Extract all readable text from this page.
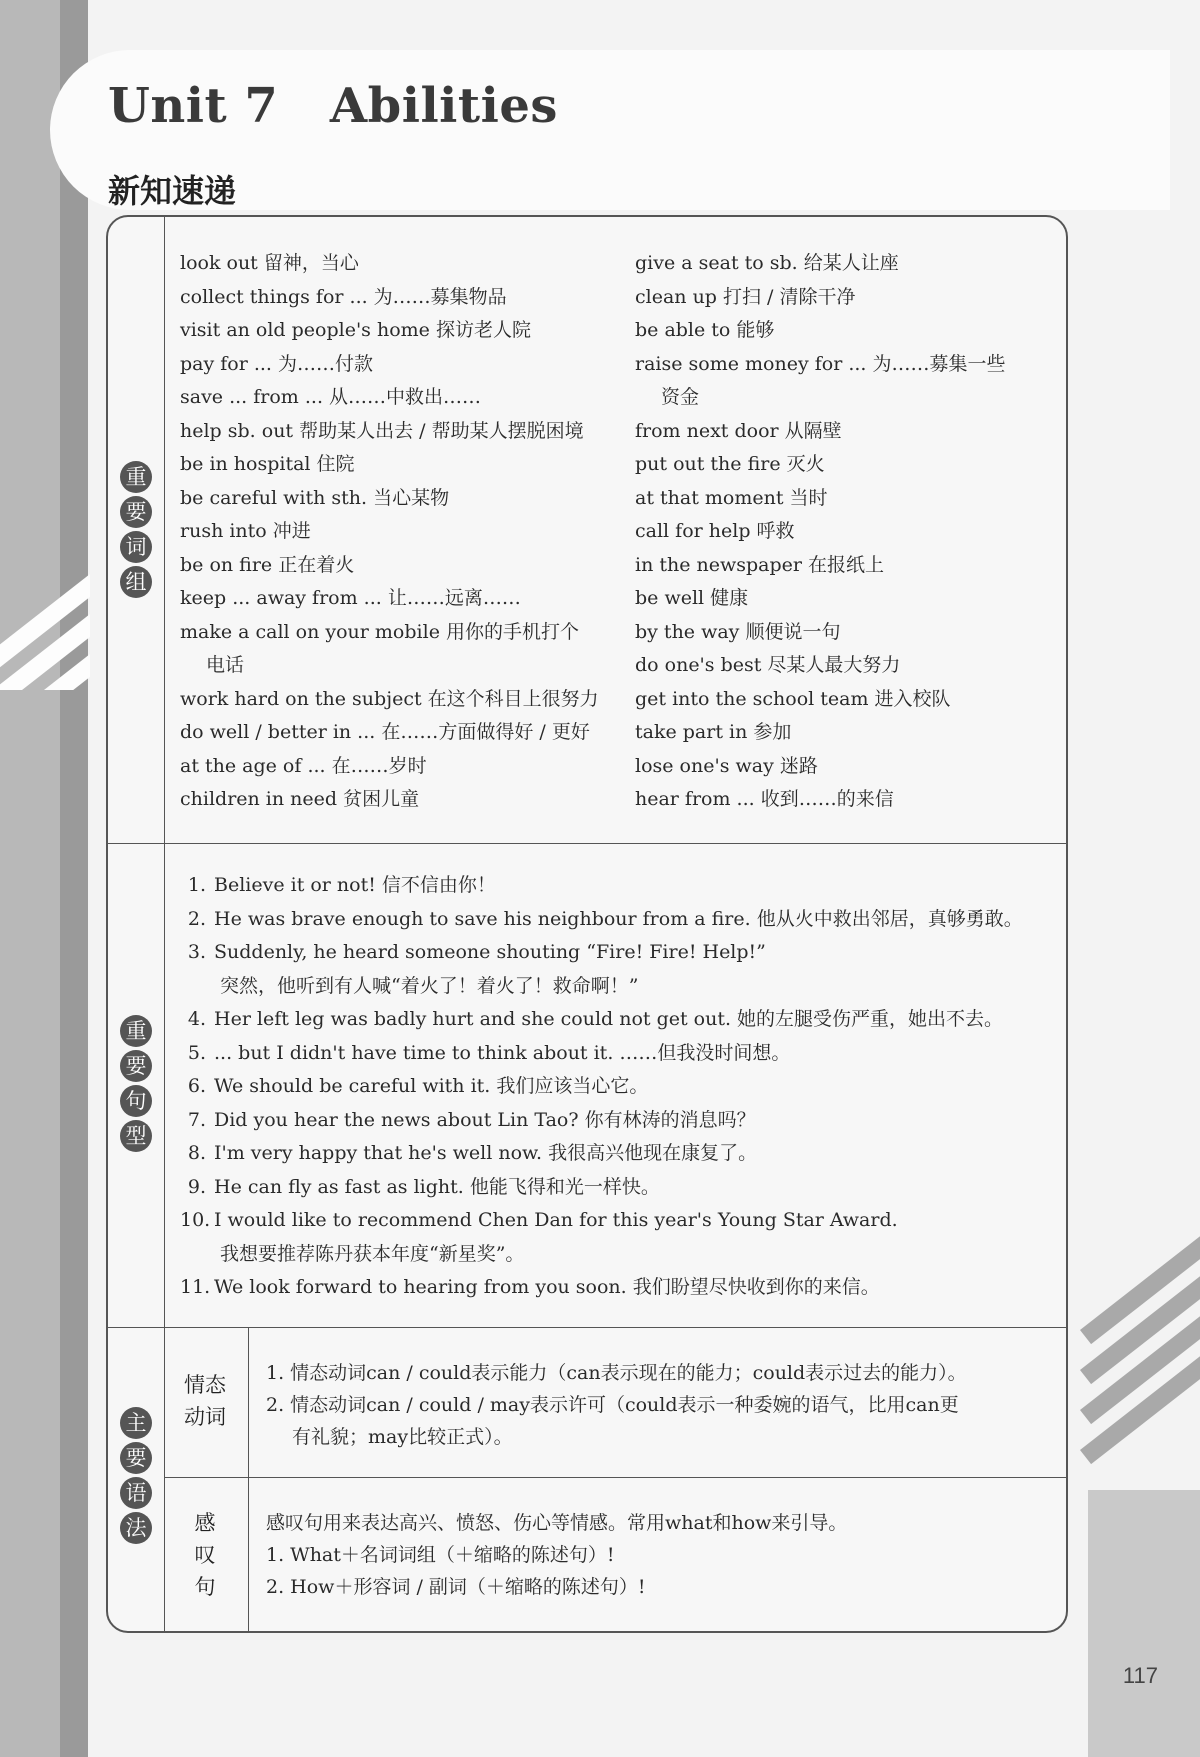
117
Unit 7   Abilities
新知速递
重
要
词
组
look out 留神，当心
collect things for ... 为……募集物品
visit an old people's home 探访老人院
pay for ... 为……付款
save ... from ... 从……中救出……
help sb. out 帮助某人出去 / 帮助某人摆脱困境
be in hospital 住院
be careful with sth. 当心某物
rush into 冲进
be on fire 正在着火
keep ... away from ... 让……远离……
make a call on your mobile 用你的手机打个
电话
work hard on the subject 在这个科目上很努力
do well / better in ... 在……方面做得好 / 更好
at the age of ... 在……岁时
children in need 贫困儿童
give a seat to sb. 给某人让座
clean up 打扫 / 清除干净
be able to 能够
raise some money for ... 为……募集一些
资金
from next door 从隔壁
put out the fire 灭火
at that moment 当时
call for help 呼救
in the newspaper 在报纸上
be well 健康
by the way 顺便说一句
do one's best 尽某人最大努力
get into the school team 进入校队
take part in 参加
lose one's way 迷路
hear from ... 收到……的来信
重
要
句
型
1. Believe it or not! 信不信由你！
2. He was brave enough to save his neighbour from a fire. 他从火中救出邻居，真够勇敢。
3. Suddenly, he heard someone shouting “Fire! Fire! Help!”
突然，他听到有人喊“着火了！着火了！救命啊！”
4. Her left leg was badly hurt and she could not get out. 她的左腿受伤严重，她出不去。
5. ... but I didn't have time to think about it. ……但我没时间想。
6. We should be careful with it. 我们应该当心它。
7. Did you hear the news about Lin Tao? 你有林涛的消息吗？
8. I'm very happy that he's well now. 我很高兴他现在康复了。
9. He can fly as fast as light. 他能飞得和光一样快。
10. I would like to recommend Chen Dan for this year's Young Star Award.
我想要推荐陈丹获本年度“新星奖”。
11. We look forward to hearing from you soon. 我们盼望尽快收到你的来信。
主
要
语
法
情态
动词
1. 情态动词can / could表示能力（can表示现在的能力；could表示过去的能力）。
2. 情态动词can / could / may表示许可（could表示一种委婉的语气，比用can更
有礼貌；may比较正式）。
感
叹
句
感叹句用来表达高兴、愤怒、伤心等情感。常用what和how来引导。
1. What＋名词词组（＋缩略的陈述句）!
2. How＋形容词 / 副词（＋缩略的陈述句）!
